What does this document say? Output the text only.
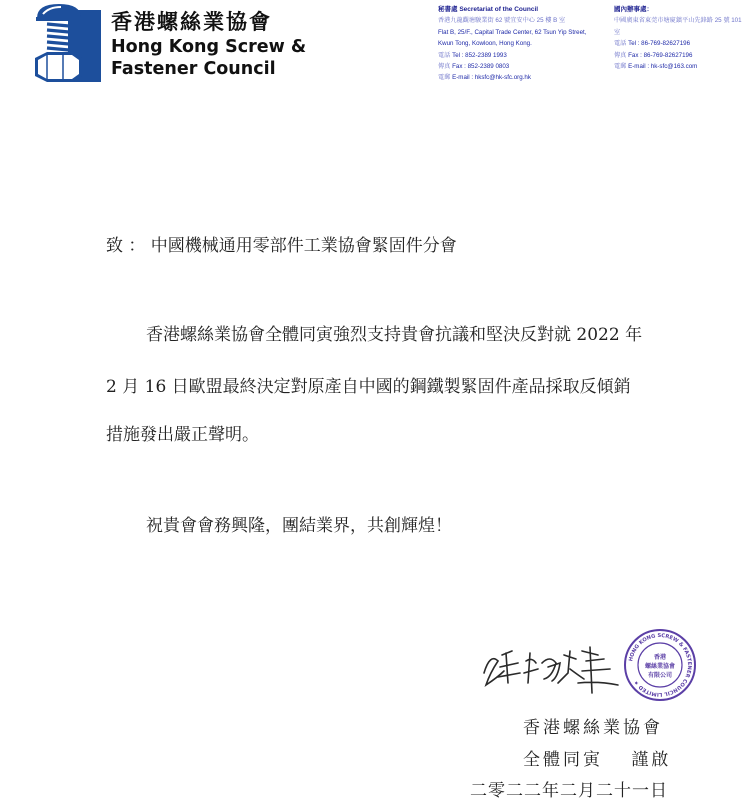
香港螺絲業協會
Hong Kong Screw &
Fastener Council
秘書處 Secretariat of the Council
香港九龍觀塘駿業街 62 號宜安中心 25 樓 B 室
Flat B, 25/F., Capital Trade Center, 62 Tsun Yip Street,
Kwun Tong, Kowloon, Hong Kong.
電話 Tel : 852-2389 1993
傳真 Fax : 852-2389 0803
電郵 E-mail : hksfc@hk-sfc.org.hk
國內辦事處：
中國廣東省東莞市塘廈鎮平山先鋒路 25 號 101 室
電話 Tel : 86-769-82627196
傳真 Fax : 86-769-82627196
電郵 E-mail : hk-sfc@163.com
致 ： 中國機械通用零部件工業協會緊固件分會
香港螺絲業協會全體同寅強烈支持貴會抗議和堅決反對就 2022 年
2 月 16 日歐盟最終決定對原產自中國的鋼鐵製緊固件產品採取反傾銷
措施發出嚴正聲明。
祝貴會會務興隆，團結業界，共創輝煌！
HONG KONG SCREW & FASTENER COUNCIL LIMITED ★
香港
螺絲業協會
有限公司
香港螺絲業協會
全體同寅　 謹啟
二零二二年二月二十一日
